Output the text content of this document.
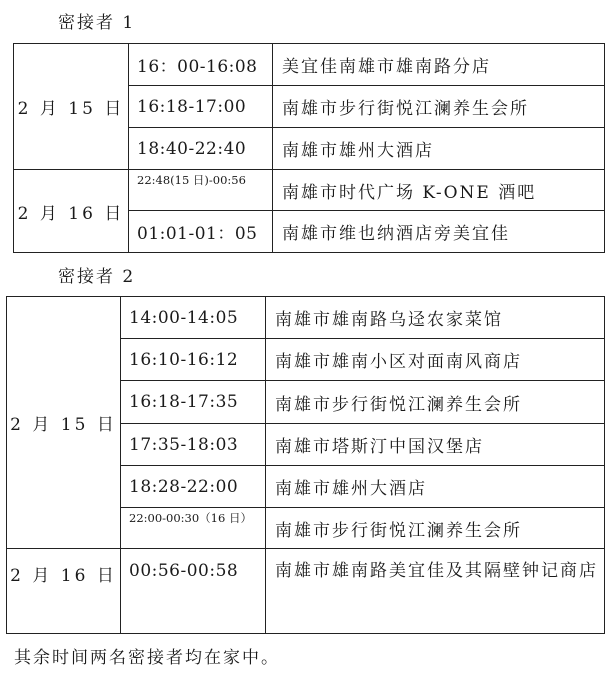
密接者 1
2 月 15 日	16：00-16:08	美宜佳南雄市雄南路分店
	16:18-17:00	南雄市步行街悦江澜养生会所
	18:40-22:40	南雄市雄州大酒店
2 月 16 日	22:48(15 日)-00:56	南雄市时代广场 K-ONE 酒吧
	01:01-01：05	南雄市维也纳酒店旁美宜佳
密接者 2
2 月 15 日	14:00-14:05	南雄市雄南路乌迳农家菜馆
	16:10-16:12	南雄市雄南小区对面南风商店
	16:18-17:35	南雄市步行街悦江澜养生会所
	17:35-18:03	南雄市塔斯汀中国汉堡店
	18:28-22:00	南雄市雄州大酒店
	22:00-00:30（16 日）	南雄市步行街悦江澜养生会所
2 月 16 日	00:56-00:58	南雄市雄南路美宜佳及其隔壁钟记商店
其余时间两名密接者均在家中。
